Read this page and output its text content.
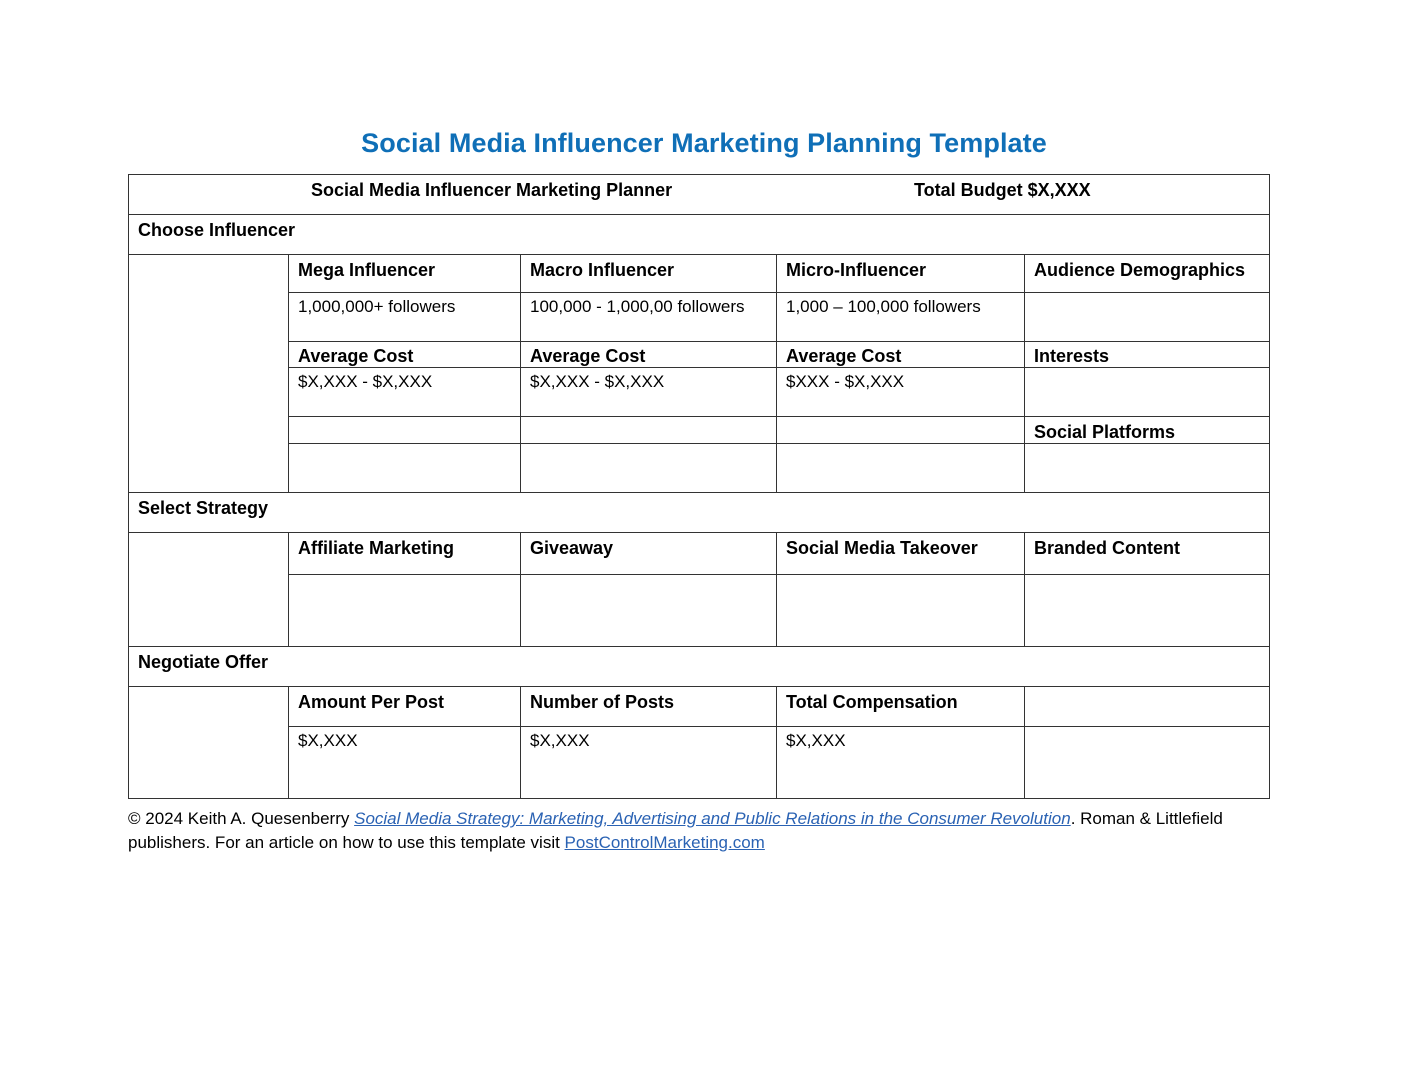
Social Media Influencer Marketing Planning Template
Social Media Influencer Marketing Planner	Total Budget $X,XXX
Choose Influencer
Mega Influencer	Macro Influencer	Micro-Influencer	Audience Demographics
1,000,000+ followers	100,000 - 1,000,00 followers	1,000 – 100,000 followers
Average Cost	Average Cost	Average Cost	Interests
$X,XXX - $X,XXX	$X,XXX - $X,XXX	$XXX - $X,XXX
Social Platforms
Select Strategy
Affiliate Marketing	Giveaway	Social Media Takeover	Branded Content
Negotiate Offer
Amount Per Post	Number of Posts	Total Compensation
$X,XXX	$X,XXX	$X,XXX
© 2024 Keith A. Quesenberry Social Media Strategy: Marketing, Advertising and Public Relations in the Consumer Revolution. Roman & Littlefield publishers. For an article on how to use this template visit PostControlMarketing.com
